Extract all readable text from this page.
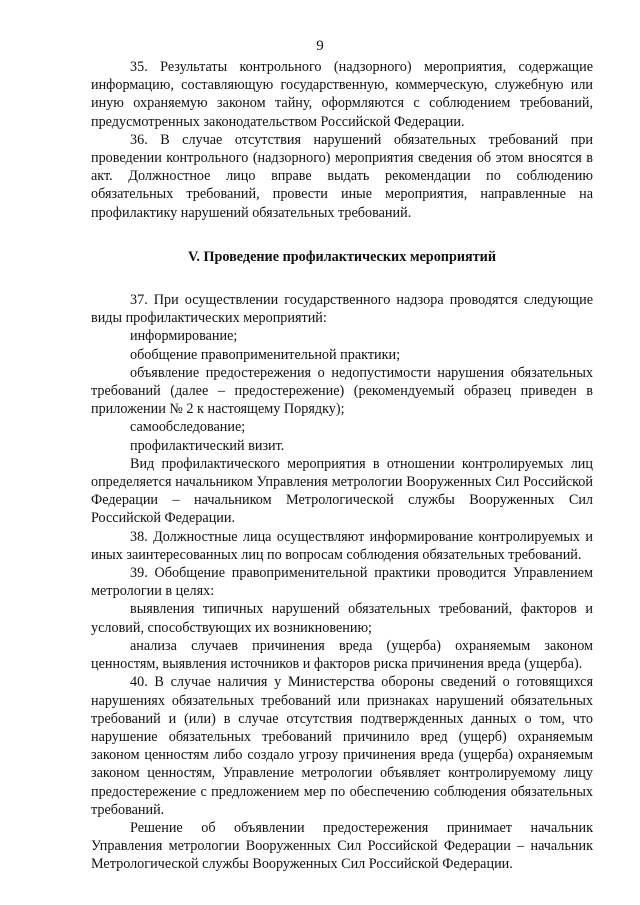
9

35. Результаты контрольного (надзорного) мероприятия, содержащие информацию, составляющую государственную, коммерческую, служебную или иную охраняемую законом тайну, оформляются с соблюдением требований, предусмотренных законодательством Российской Федерации.

36. В случае отсутствия нарушений обязательных требований при проведении контрольного (надзорного) мероприятия сведения об этом вносятся в акт. Должностное лицо вправе выдать рекомендации по соблюдению обязательных требований, провести иные мероприятия, направленные на профилактику нарушений обязательных требований.

V. Проведение профилактических мероприятий

37. При осуществлении государственного надзора проводятся следующие виды профилактических мероприятий:

информирование;

обобщение правоприменительной практики;

объявление предостережения о недопустимости нарушения обязательных требований (далее – предостережение) (рекомендуемый образец приведен в приложении № 2 к настоящему Порядку);

самообследование;

профилактический визит.

Вид профилактического мероприятия в отношении контролируемых лиц определяется начальником Управления метрологии Вооруженных Сил Российской Федерации – начальником Метрологической службы Вооруженных Сил Российской Федерации.

38. Должностные лица осуществляют информирование контролируемых и иных заинтересованных лиц по вопросам соблюдения обязательных требований.

39. Обобщение правоприменительной практики проводится Управлением метрологии в целях:

выявления типичных нарушений обязательных требований, факторов и условий, способствующих их возникновению;

анализа случаев причинения вреда (ущерба) охраняемым законом ценностям, выявления источников и факторов риска причинения вреда (ущерба).

40. В случае наличия у Министерства обороны сведений о готовящихся нарушениях обязательных требований или признаках нарушений обязательных требований и (или) в случае отсутствия подтвержденных данных о том, что нарушение обязательных требований причинило вред (ущерб) охраняемым законом ценностям либо создало угрозу причинения вреда (ущерба) охраняемым законом ценностям, Управление метрологии объявляет контролируемому лицу предостережение с предложением мер по обеспечению соблюдения обязательных требований.

Решение об объявлении предостережения принимает начальник Управления метрологии Вооруженных Сил Российской Федерации – начальник Метрологической службы Вооруженных Сил Российской Федерации.
